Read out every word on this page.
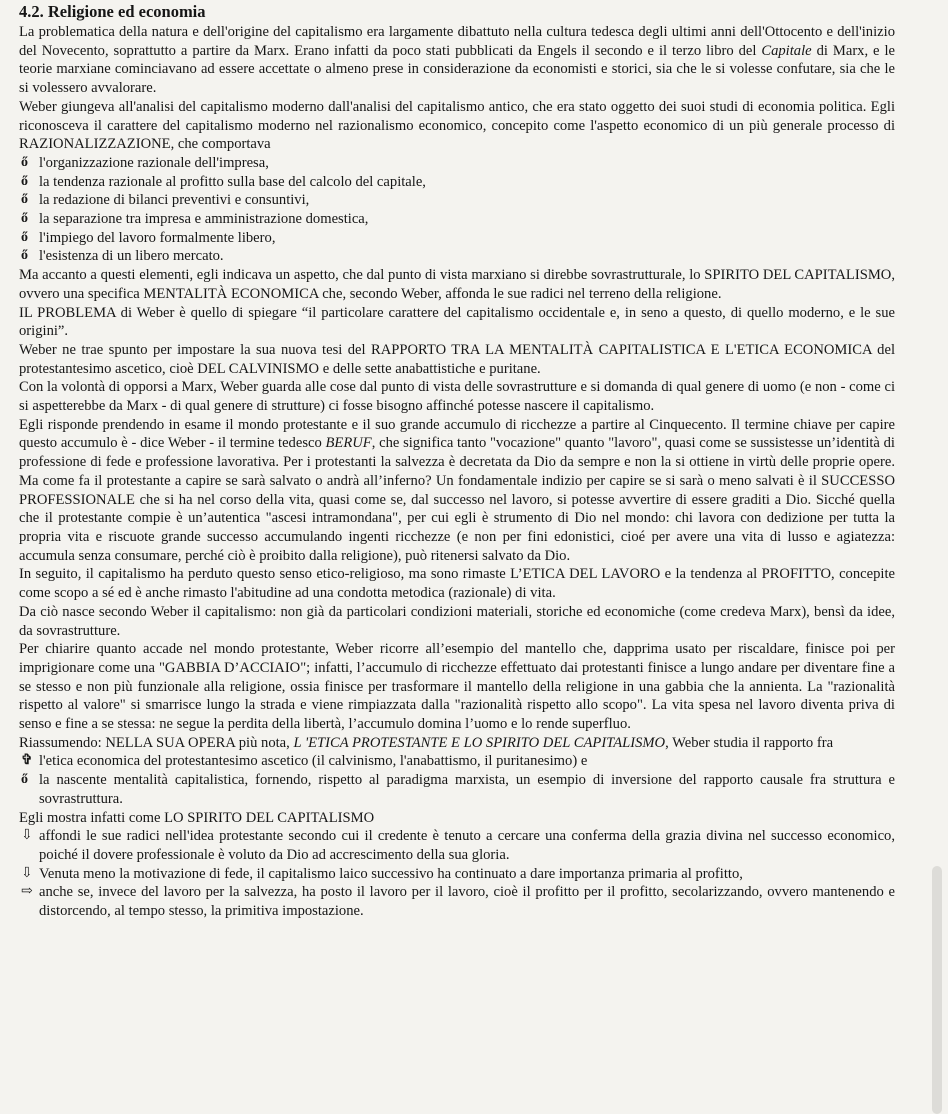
4.2. Religione ed economia

La problematica della natura e dell'origine del capitalismo era largamente dibattuto nella cultura tedesca degli ultimi anni dell'Ottocento e dell'inizio del Novecento, soprattutto a partire da Marx. Erano infatti da poco stati pubblicati da Engels il secondo e il terzo libro del Capitale di Marx, e le teorie marxiane cominciavano ad essere accettate o almeno prese in considerazione da economisti e storici, sia che le si volesse confutare, sia che le si volessero avvalorare.

Weber giungeva all'analisi del capitalismo moderno dall'analisi del capitalismo antico, che era stato oggetto dei suoi studi di economia politica. Egli riconosceva il carattere del capitalismo moderno nel razionalismo economico, concepito come l'aspetto economico di un più generale processo di RAZIONALIZZAZIONE, che comportava

ő l'organizzazione razionale dell'impresa,
ő la tendenza razionale al profitto sulla base del calcolo del capitale,
ő la redazione di bilanci preventivi e consuntivi,
ő la separazione tra impresa e amministrazione domestica,
ő l'impiego del lavoro formalmente libero,
ő l'esistenza di un libero mercato.

Ma accanto a questi elementi, egli indicava un aspetto, che dal punto di vista marxiano si direbbe sovrastrutturale, lo SPIRITO DEL CAPITALISMO, ovvero una specifica MENTALITÀ ECONOMICA che, secondo Weber, affonda le sue radici nel terreno della religione.

IL PROBLEMA di Weber è quello di spiegare “il particolare carattere del capitalismo occidentale e, in seno a questo, di quello moderno, e le sue origini”.

Weber ne trae spunto per impostare la sua nuova tesi del RAPPORTO TRA LA MENTALITÀ CAPITALISTICA E L'ETICA ECONOMICA del protestantesimo ascetico, cioè DEL CALVINISMO e delle sette anabattistiche e puritane.

Con la volontà di opporsi a Marx, Weber guarda alle cose dal punto di vista delle sovrastrutture e si domanda di qual genere di uomo (e non - come ci si aspetterebbe da Marx - di qual genere di strutture) ci fosse bisogno affinché potesse nascere il capitalismo.

Egli risponde prendendo in esame il mondo protestante e il suo grande accumulo di ricchezze a partire al Cinquecento. Il termine chiave per capire questo accumulo è - dice Weber - il termine tedesco BERUF, che significa tanto "vocazione" quanto "lavoro", quasi come se sussistesse un’identità di professione di fede e professione lavorativa. Per i protestanti la salvezza è decretata da Dio da sempre e non la si ottiene in virtù delle proprie opere. Ma come fa il protestante a capire se sarà salvato o andrà all’inferno? Un fondamentale indizio per capire se si sarà o meno salvati è il SUCCESSO PROFESSIONALE che si ha nel corso della vita, quasi come se, dal successo nel lavoro, si potesse avvertire di essere graditi a Dio. Sicché quella che il protestante compie è un’autentica "ascesi intramondana", per cui egli è strumento di Dio nel mondo: chi lavora con dedizione per tutta la propria vita e riscuote grande successo accumulando ingenti ricchezze (e non per fini edonistici, cioé per avere una vita di lusso e agiatezza: accumula senza consumare, perché ciò è proibito dalla religione), può ritenersi salvato da Dio.

In seguito, il capitalismo ha perduto questo senso etico-religioso, ma sono rimaste L’ETICA DEL LAVORO e la tendenza al PROFITTO, concepite come scopo a sé ed è anche rimasto l'abitudine ad una condotta metodica (razionale) di vita.

Da ciò nasce secondo Weber il capitalismo: non già da particolari condizioni materiali, storiche ed economiche (come credeva Marx), bensì da idee, da sovrastrutture.

Per chiarire quanto accade nel mondo protestante, Weber ricorre all’esempio del mantello che, dapprima usato per riscaldare, finisce poi per imprigionare come una "GABBIA D’ACCIAIO"; infatti, l’accumulo di ricchezze effettuato dai protestanti finisce a lungo andare per diventare fine a se stesso e non più funzionale alla religione, ossia finisce per trasformare il mantello della religione in una gabbia che la annienta. La "razionalità rispetto al valore" si smarrisce lungo la strada e viene rimpiazzata dalla "razionalità rispetto allo scopo". La vita spesa nel lavoro diventa priva di senso e fine a se stessa: ne segue la perdita della libertà, l’accumulo domina l’uomo e lo rende superfluo.

Riassumendo: NELLA SUA OPERA più nota, L 'ETICA PROTESTANTE E LO SPIRITO DEL CAPITALISMO, Weber studia il rapporto fra

✞ l'etica economica del protestantesimo ascetico (il calvinismo, l'anabattismo, il puritanesimo) e
ő la nascente mentalità capitalistica, fornendo, rispetto al paradigma marxista, un esempio di inversione del rapporto causale fra struttura e sovrastruttura.

Egli mostra infatti come LO SPIRITO DEL CAPITALISMO

⇩ affondi le sue radici nell'idea protestante secondo cui il credente è tenuto a cercare una conferma della grazia divina nel successo economico, poiché il dovere professionale è voluto da Dio ad accrescimento della sua gloria.
⇩ Venuta meno la motivazione di fede, il capitalismo laico successivo ha continuato a dare importanza primaria al profitto,
⇨ anche se, invece del lavoro per la salvezza, ha posto il lavoro per il lavoro, cioè il profitto per il profitto, secolarizzando, ovvero mantenendo e distorcendo, al tempo stesso, la primitiva impostazione.
